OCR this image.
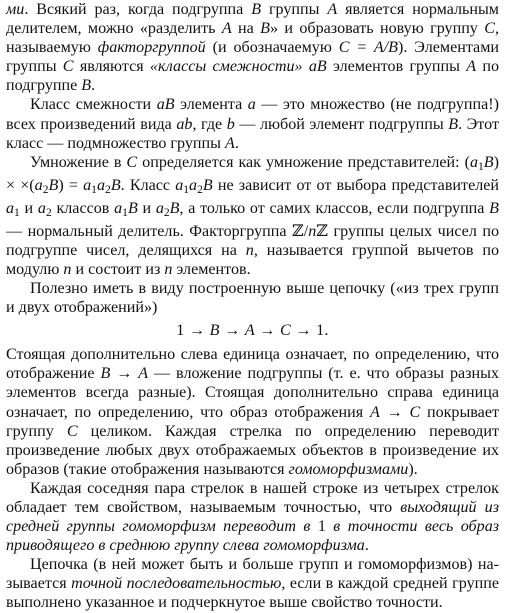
ми. Всякий раз, когда подгруппа B группы A является нормальным делителем, можно «разделить A на B» и образовать новую группу C, называемую факторгруппой (и обозначаемую C = A/B). Элементами группы C являются «классы смежности» aB элементов группы A по подгруппе B.

Класс смежности aB элемента a — это множество (не подгруппа!) всех произведений вида ab, где b — любой элемент подгруппы B. Этот класс — подмножество группы A.

Умножение в C определяется как умножение представителей: (a1B) × ×(a2B) = a1a2B. Класс a1a2B не зависит от от выбора представителей a1 и a2 классов a1B и a2B, а только от самих классов, если подгруппа B — нормальный делитель. Факторгруппа ℤ/nℤ группы целых чисел по подгруппе чисел, делящихся на n, называется группой вычетов по модулю n и состоит из n элементов.

Полезно иметь в виду построенную выше цепочку («из трех групп и двух отображений»)

1 → B → A → C → 1.

Стоящая дополнительно слева единица означает, по определению, что отображение B → A — вложение подгруппы (т. е. что образы разных элементов всегда разные). Стоящая дополнительно справа единица означает, по определению, что образ отображения A → C покрывает группу C целиком. Каждая стрелка по определению переводит произведение любых двух отображаемых объектов в произведение их образов (такие отображения называются гомоморфизмами).

Каждая соседняя пара стрелок в нашей строке из четырех стрелок обладает тем свойством, называемым точностью, что выходящий из средней группы гомоморфизм переводит в 1 в точности весь образ приводящего в среднюю группу слева гомоморфизма.

Цепочка (в ней может быть и больше групп и гомоморфизмов) называется точной последовательностью, если в каждой средней группе выполнено указанное и подчеркнутое выше свойство точности.
